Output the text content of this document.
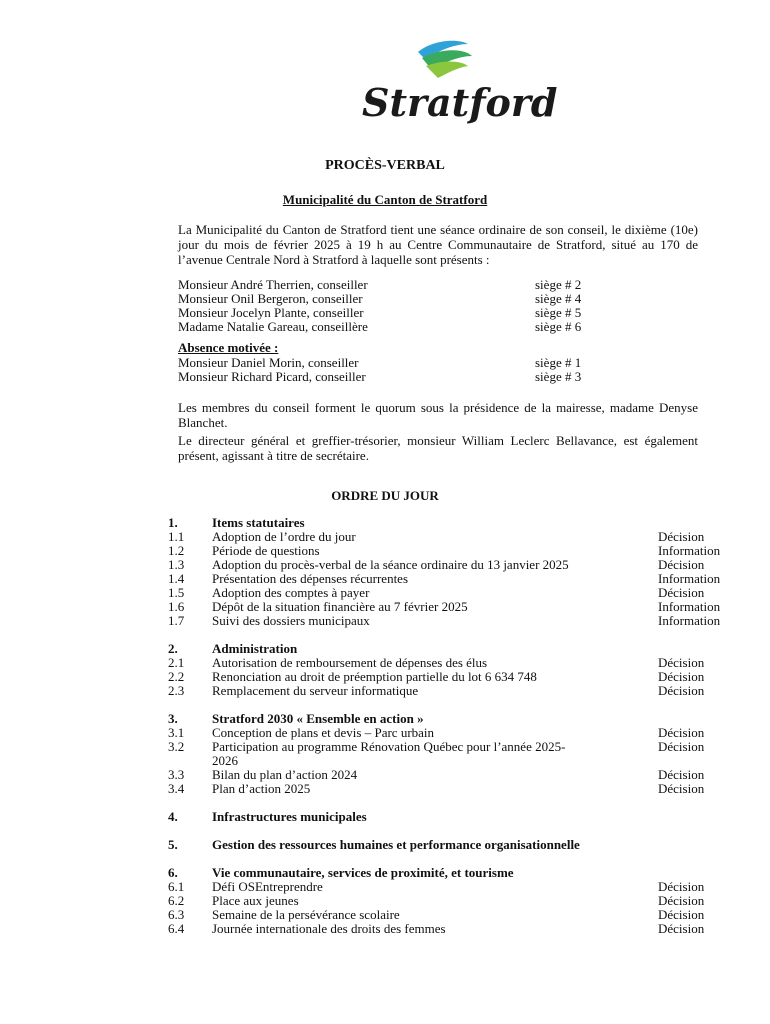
Stratford
PROCÈS-VERBAL
Municipalité du Canton de Stratford
La Municipalité du Canton de Stratford tient une séance ordinaire de son conseil, le dixième (10e) jour du mois de février 2025 à 19 h au Centre Communautaire de Stratford, situé au 170 de l’avenue Centrale Nord à Stratford à laquelle sont présents :
Monsieur André Therrien, conseiller	siège # 2
Monsieur Onil Bergeron, conseiller	siège # 4
Monsieur Jocelyn Plante, conseiller	siège # 5
Madame Natalie Gareau, conseillère	siège # 6
Absence motivée :
Monsieur Daniel Morin, conseiller	siège # 1
Monsieur Richard Picard, conseiller	siège # 3
Les membres du conseil forment le quorum sous la présidence de la mairesse, madame Denyse Blanchet.
Le directeur général et greffier-trésorier, monsieur William Leclerc Bellavance, est également présent, agissant à titre de secrétaire.
ORDRE DU JOUR
1.	Items statutaires
1.1 Adoption de l’ordre du jour	Décision
1.2 Période de questions	Information
1.3 Adoption du procès-verbal de la séance ordinaire du 13 janvier 2025	Décision
1.4 Présentation des dépenses récurrentes	Information
1.5 Adoption des comptes à payer	Décision
1.6 Dépôt de la situation financière au 7 février 2025	Information
1.7 Suivi des dossiers municipaux	Information
2.	Administration
2.1 Autorisation de remboursement de dépenses des élus	Décision
2.2 Renonciation au droit de préemption partielle du lot 6 634 748	Décision
2.3 Remplacement du serveur informatique	Décision
3.	Stratford 2030 « Ensemble en action »
3.1 Conception de plans et devis – Parc urbain	Décision
3.2 Participation au programme Rénovation Québec pour l’année 2025-	Décision
2026
3.3 Bilan du plan d’action 2024	Décision
3.4 Plan d’action 2025	Décision
4.	Infrastructures municipales
5.	Gestion des ressources humaines et performance organisationnelle
6.	Vie communautaire, services de proximité, et tourisme
6.1 Défi OSEntreprendre	Décision
6.2 Place aux jeunes	Décision
6.3 Semaine de la persévérance scolaire	Décision
6.4 Journée internationale des droits des femmes	Décision
